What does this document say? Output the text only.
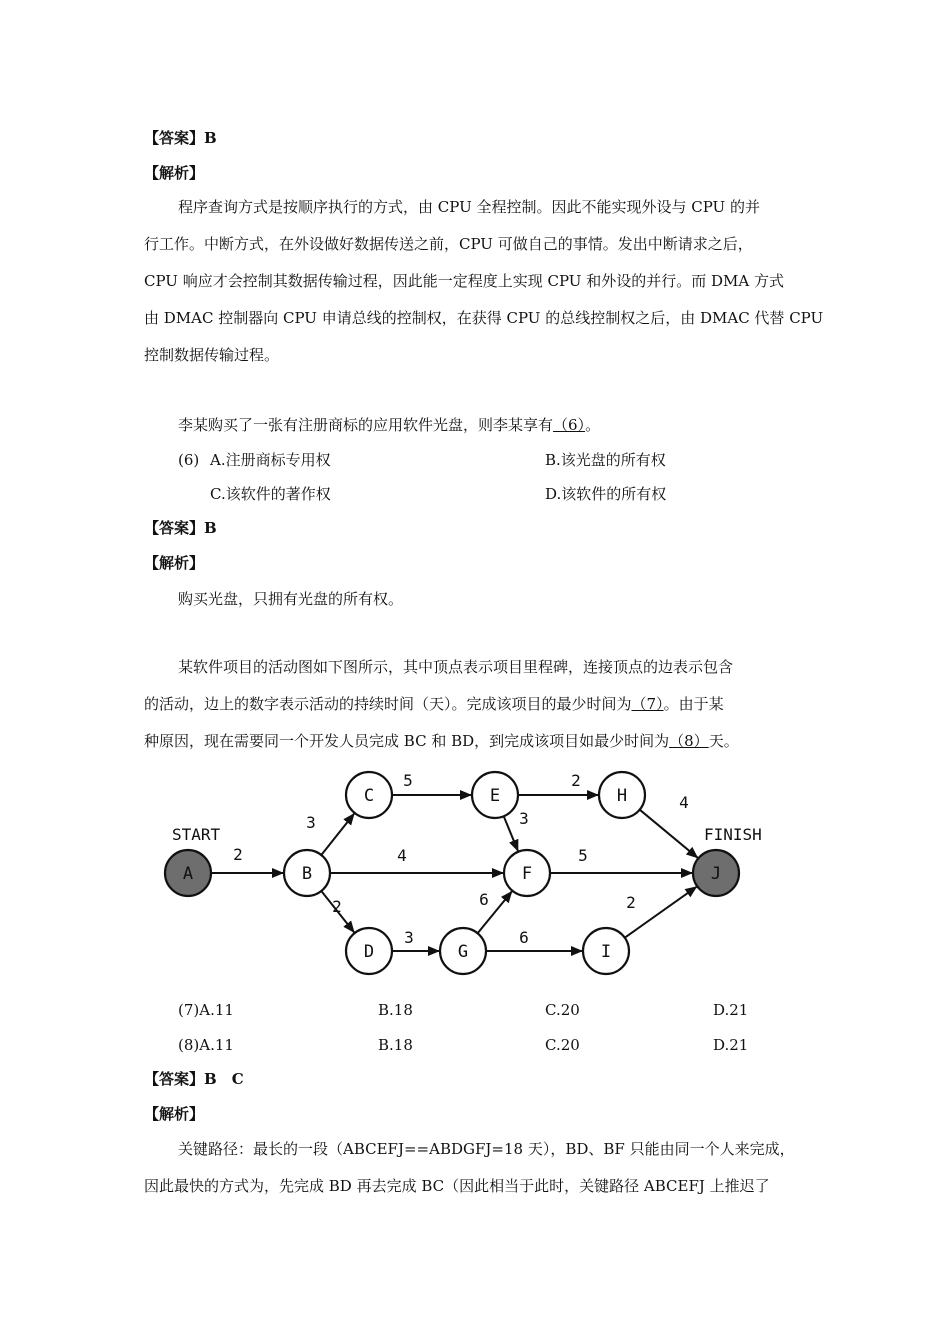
【答案】B
【解析】
程序查询方式是按顺序执行的方式，由 CPU 全程控制。因此不能实现外设与 CPU 的并
行工作。中断方式，在外设做好数据传送之前，CPU 可做自己的事情。发出中断请求之后，
CPU 响应才会控制其数据传输过程，因此能一定程度上实现 CPU 和外设的并行。而 DMA 方式
由 DMAC 控制器向 CPU 申请总线的控制权，在获得 CPU 的总线控制权之后，由 DMAC 代替 CPU
控制数据传输过程。
李某购买了一张有注册商标的应用软件光盘，则李某享有（6）。
(6) A.注册商标专用权	B.该光盘的所有权
C.该软件的著作权	D.该软件的所有权
【答案】B
【解析】
购买光盘，只拥有光盘的所有权。
某软件项目的活动图如下图所示，其中顶点表示项目里程碑，连接顶点的边表示包含
的活动，边上的数字表示活动的持续时间（天）。完成该项目的最少时间为（7）。由于某
种原因，现在需要同一个开发人员完成 BC 和 BD，到完成该项目如最少时间为（8）天。
START	FINISH
2
3
4
2
5	2
3
4
5
3
6
6
2
A	B
C
D
E
F
G
H
I
J
(7)A.11	B.18	C.20	D.21
(8)A.11	B.18	C.20	D.21
【答案】B　C
【解析】
关键路径：最长的一段（ABCEFJ==ABDGFJ=18 天），BD、BF 只能由同一个人来完成，
因此最快的方式为，先完成 BD 再去完成 BC（因此相当于此时，关键路径 ABCEFJ 上推迟了
